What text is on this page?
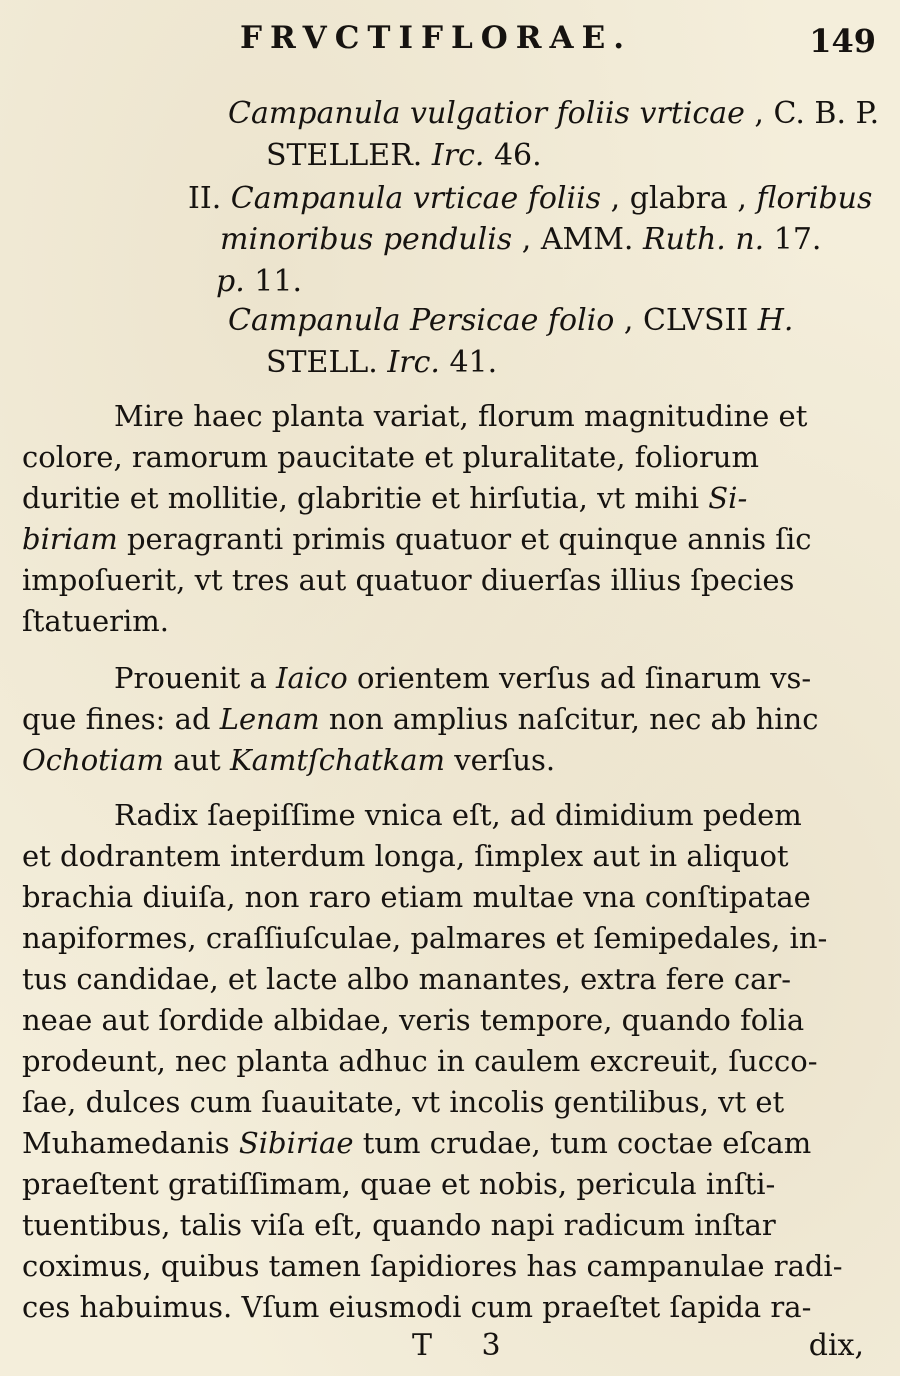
FRVCTIFLORAE.	149
Campanula vulgatior foliis vrticae , C. B. P.
STELLER. Irc. 46.
II. Campanula vrticae foliis , glabra , floribus
minoribus pendulis , AMM. Ruth. n. 17.
p. 11.
Campanula Persicae folio , CLVSII H.
STELL. Irc. 41.
Mire haec planta variat, florum magnitudine et
colore, ramorum paucitate et pluralitate, foliorum
duritie et mollitie, glabritie et hirſutia, vt mihi Si-
biriam peragranti primis quatuor et quinque annis ſic
impoſuerit, vt tres aut quatuor diuerſas illius ſpecies
ſtatuerim.
Prouenit a Iaico orientem verſus ad ſinarum vs-
que fines: ad Lenam non amplius naſcitur, nec ab hinc
Ochotiam aut Kamtſchatkam verſus.
Radix ſaepiſſime vnica eſt, ad dimidium pedem
et dodrantem interdum longa, ſimplex aut in aliquot
brachia diuiſa, non raro etiam multae vna conſtipatae
napiformes, craſſiuſculae, palmares et ſemipedales, in-
tus candidae, et lacte albo manantes, extra fere car-
neae aut ſordide albidae, veris tempore, quando folia
prodeunt, nec planta adhuc in caulem excreuit, ſucco-
ſae, dulces cum ſuauitate, vt incolis gentilibus, vt et
Muhamedanis Sibiriae tum crudae, tum coctae eſcam
praeſtent gratiſſimam, quae et nobis, pericula inſti-
tuentibus, talis viſa eſt, quando napi radicum inſtar
coximus, quibus tamen ſapidiores has campanulae radi-
ces habuimus. Vſum eiusmodi cum praeſtet ſapida ra-
T 3	dix,
